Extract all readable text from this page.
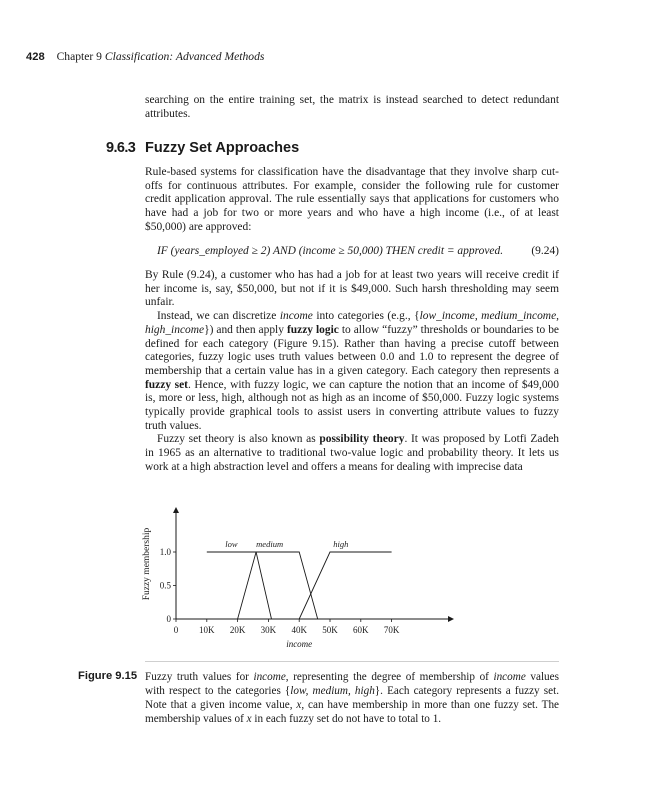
428 Chapter 9 Classification: Advanced Methods

searching on the entire training set, the matrix is instead searched to detect redundant attributes.

9.6.3 Fuzzy Set Approaches

Rule-based systems for classification have the disadvantage that they involve sharp cut-offs for continuous attributes. For example, consider the following rule for customer credit application approval. The rule essentially says that applications for customers who have had a job for two or more years and who have a high income (i.e., of at least $50,000) are approved:

IF (years_employed ≥ 2) AND (income ≥ 50,000) THEN credit = approved. (9.24)

By Rule (9.24), a customer who has had a job for at least two years will receive credit if her income is, say, $50,000, but not if it is $49,000. Such harsh thresholding may seem unfair.

Instead, we can discretize income into categories (e.g., {low_income, medium_income, high_income}) and then apply fuzzy logic to allow “fuzzy” thresholds or boundaries to be defined for each category (Figure 9.15). Rather than having a precise cutoff between categories, fuzzy logic uses truth values between 0.0 and 1.0 to represent the degree of membership that a certain value has in a given category. Each category then represents a fuzzy set. Hence, with fuzzy logic, we can capture the notion that an income of $49,000 is, more or less, high, although not as high as an income of $50,000. Fuzzy logic systems typically provide graphical tools to assist users in converting attribute values to fuzzy truth values.

Fuzzy set theory is also known as possibility theory. It was proposed by Lotfi Zadeh in 1965 as an alternative to traditional two-value logic and probability theory. It lets us work at a high abstraction level and offers a means for dealing with imprecise data

0 10K 20K 30K 40K 50K 60K 70K
0
0.5
1.0
low medium	high
income
Fuzzy membership
Figure 9.15 Fuzzy truth values for income, representing the degree of membership of income values with respect to the categories {low, medium, high}. Each category represents a fuzzy set. Note that a given income value, x, can have membership in more than one fuzzy set. The membership values of x in each fuzzy set do not have to total to 1.
